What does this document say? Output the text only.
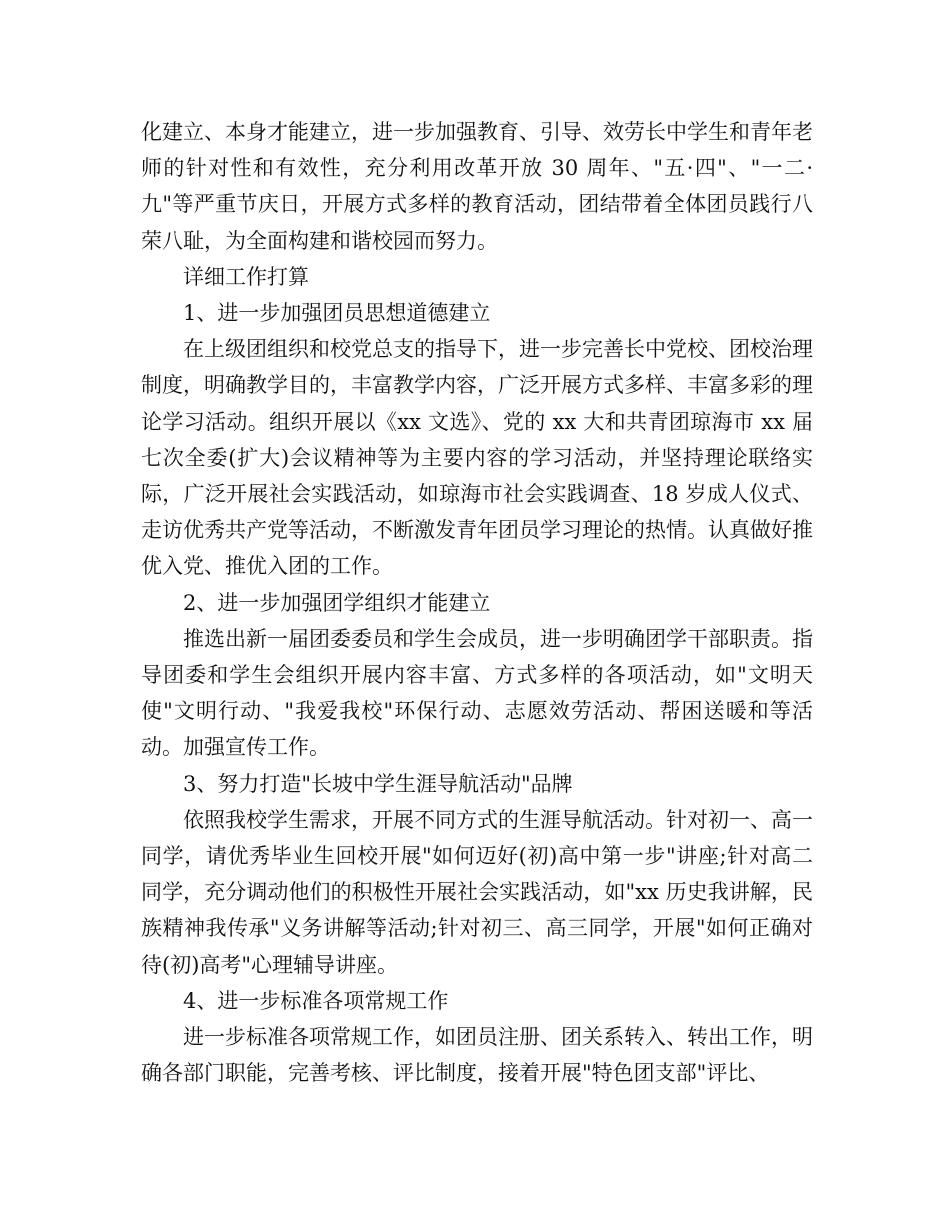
化建立、本身才能建立，进一步加强教育、引导、效劳长中学生和青年老师的针对性和有效性，充分利用改革开放 30 周年、"五·四"、"一二·九"等严重节庆日，开展方式多样的教育活动，团结带着全体团员践行八荣八耻，为全面构建和谐校园而努力。

详细工作打算

1、进一步加强团员思想道德建立

在上级团组织和校党总支的指导下，进一步完善长中党校、团校治理制度，明确教学目的，丰富教学内容，广泛开展方式多样、丰富多彩的理论学习活动。组织开展以《xx 文选》、党的 xx 大和共青团琼海市 xx 届七次全委(扩大)会议精神等为主要内容的学习活动，并坚持理论联络实际，广泛开展社会实践活动，如琼海市社会实践调查、18 岁成人仪式、走访优秀共产党等活动，不断激发青年团员学习理论的热情。认真做好推优入党、推优入团的工作。

2、进一步加强团学组织才能建立

推选出新一届团委委员和学生会成员，进一步明确团学干部职责。指导团委和学生会组织开展内容丰富、方式多样的各项活动，如"文明天使"文明行动、"我爱我校"环保行动、志愿效劳活动、帮困送暖和等活动。加强宣传工作。

3、努力打造"长坡中学生涯导航活动"品牌

依照我校学生需求，开展不同方式的生涯导航活动。针对初一、高一同学，请优秀毕业生回校开展"如何迈好(初)高中第一步"讲座;针对高二同学，充分调动他们的积极性开展社会实践活动，如"xx 历史我讲解，民族精神我传承"义务讲解等活动;针对初三、高三同学，开展"如何正确对待(初)高考"心理辅导讲座。

4、进一步标准各项常规工作

进一步标准各项常规工作，如团员注册、团关系转入、转出工作，明确各部门职能，完善考核、评比制度，接着开展"特色团支部"评比、
